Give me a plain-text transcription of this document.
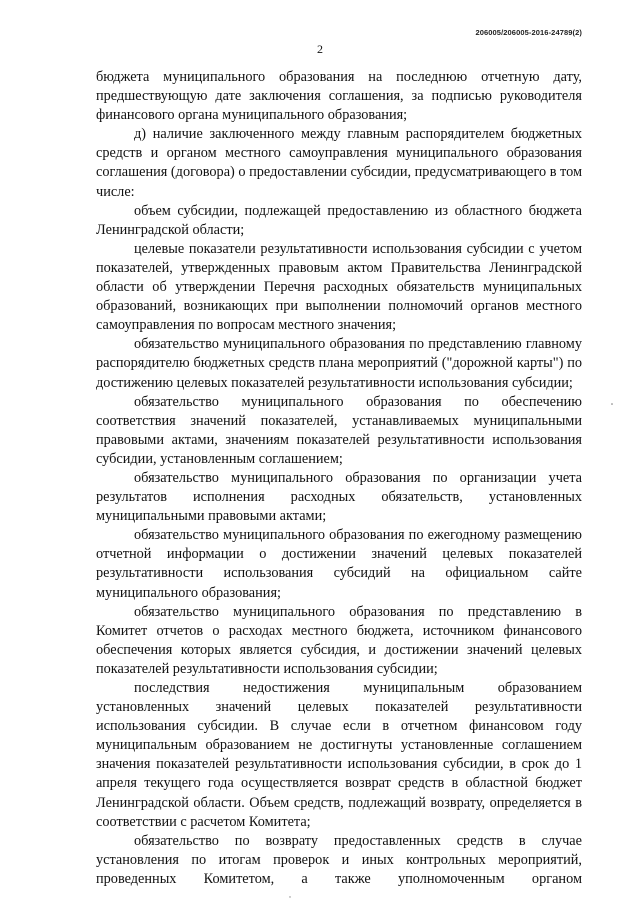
206005/206005-2016-24789(2)
2

бюджета муниципального образования на последнюю отчетную дату, предшествующую дате заключения соглашения, за подписью руководителя финансового органа муниципального образования;

д) наличие заключенного между главным распорядителем бюджетных средств и органом местного самоуправления муниципального образования соглашения (договора) о предоставлении субсидии, предусматривающего в том числе:

объем субсидии, подлежащей предоставлению из областного бюджета Ленинградской области;

целевые показатели результативности использования субсидии с учетом показателей, утвержденных правовым актом Правительства Ленинградской области об утверждении Перечня расходных обязательств муниципальных образований, возникающих при выполнении полномочий органов местного самоуправления по вопросам местного значения;

обязательство муниципального образования по представлению главному распорядителю бюджетных средств плана мероприятий ("дорожной карты") по достижению целевых показателей результативности использования субсидии;

обязательство муниципального образования по обеспечению соответствия значений показателей, устанавливаемых муниципальными правовыми актами, значениям показателей результативности использования субсидии, установленным соглашением;

обязательство муниципального образования по организации учета результатов исполнения расходных обязательств, установленных муниципальными правовыми актами;

обязательство муниципального образования по ежегодному размещению отчетной информации о достижении значений целевых показателей результативности использования субсидий на официальном сайте муниципального образования;

обязательство муниципального образования по представлению в Комитет отчетов о расходах местного бюджета, источником финансового обеспечения которых является субсидия, и достижении значений целевых показателей результативности использования субсидии;

последствия недостижения муниципальным образованием установленных значений целевых показателей результативности использования субсидии. В случае если в отчетном финансовом году муниципальным образованием не достигнуты установленные соглашением значения показателей результативности использования субсидии, в срок до 1 апреля текущего года осуществляется возврат средств в областной бюджет Ленинградской области. Объем средств, подлежащий возврату, определяется в соответствии с расчетом Комитета;

обязательство по возврату предоставленных средств в случае установления по итогам проверок и иных контрольных мероприятий, проведенных Комитетом, а также уполномоченным органом
